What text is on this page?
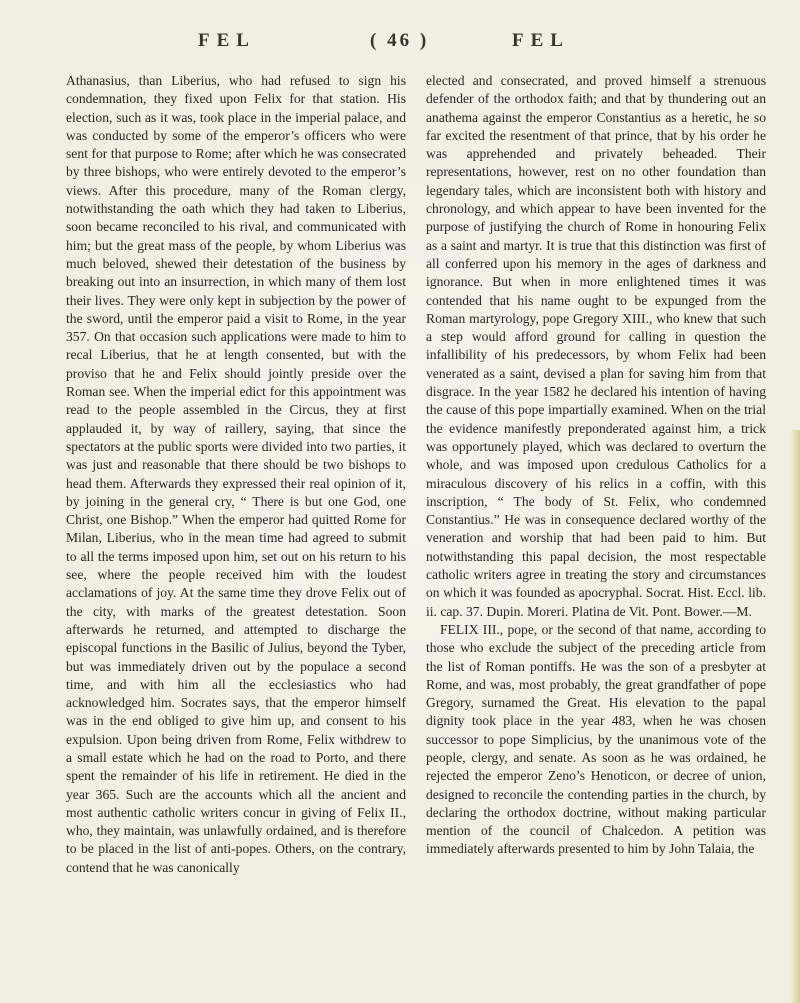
FEL	( 46 )	FEL

Athanasius, than Liberius, who had refused to sign his condemnation, they fixed upon Felix for that station. His election, such as it was, took place in the imperial palace, and was conducted by some of the emperor’s officers who were sent for that purpose to Rome; after which he was consecrated by three bishops, who were entirely devoted to the emperor’s views. After this procedure, many of the Roman clergy, notwithstanding the oath which they had taken to Liberius, soon became reconciled to his rival, and communicated with him; but the great mass of the people, by whom Liberius was much beloved, shewed their detestation of the business by breaking out into an insurrection, in which many of them lost their lives. They were only kept in subjection by the power of the sword, until the emperor paid a visit to Rome, in the year 357. On that occasion such applications were made to him to recal Liberius, that he at length consented, but with the proviso that he and Felix should jointly preside over the Roman see. When the imperial edict for this appointment was read to the people assembled in the Circus, they at first applauded it, by way of raillery, saying, that since the spectators at the public sports were divided into two parties, it was just and reasonable that there should be two bishops to head them. Afterwards they expressed their real opinion of it, by joining in the general cry, “ There is but one God, one Christ, one Bishop.” When the emperor had quitted Rome for Milan, Liberius, who in the mean time had agreed to submit to all the terms imposed upon him, set out on his return to his see, where the people received him with the loudest acclamations of joy. At the same time they drove Felix out of the city, with marks of the greatest detestation. Soon afterwards he returned, and attempted to discharge the episcopal functions in the Basilic of Julius, beyond the Tyber, but was immediately driven out by the populace a second time, and with him all the ecclesiastics who had acknowledged him. Socrates says, that the emperor himself was in the end obliged to give him up, and consent to his expulsion. Upon being driven from Rome, Felix withdrew to a small estate which he had on the road to Porto, and there spent the remainder of his life in retirement. He died in the year 365. Such are the accounts which all the ancient and most authentic catholic writers concur in giving of Felix II., who, they maintain, was unlawfully ordained, and is therefore to be placed in the list of anti-popes. Others, on the contrary, contend that he was canonically

elected and consecrated, and proved himself a strenuous defender of the orthodox faith; and that by thundering out an anathema against the emperor Constantius as a heretic, he so far excited the resentment of that prince, that by his order he was apprehended and privately beheaded. Their representations, however, rest on no other foundation than legendary tales, which are inconsistent both with history and chronology, and which appear to have been invented for the purpose of justifying the church of Rome in honouring Felix as a saint and martyr. It is true that this distinction was first of all conferred upon his memory in the ages of darkness and ignorance. But when in more enlightened times it was contended that his name ought to be expunged from the Roman martyrology, pope Gregory XIII., who knew that such a step would afford ground for calling in question the infallibility of his predecessors, by whom Felix had been venerated as a saint, devised a plan for saving him from that disgrace. In the year 1582 he declared his intention of having the cause of this pope impartially examined. When on the trial the evidence manifestly preponderated against him, a trick was opportunely played, which was declared to overturn the whole, and was imposed upon credulous Catholics for a miraculous discovery of his relics in a coffin, with this inscription, “ The body of St. Felix, who condemned Constantius.” He was in consequence declared worthy of the veneration and worship that had been paid to him. But notwithstanding this papal decision, the most respectable catholic writers agree in treating the story and circumstances on which it was founded as apocryphal. Socrat. Hist. Eccl. lib. ii. cap. 37. Dupin. Moreri. Platina de Vit. Pont. Bower.—M.

FELIX III., pope, or the second of that name, according to those who exclude the subject of the preceding article from the list of Roman pontiffs. He was the son of a presbyter at Rome, and was, most probably, the great grandfather of pope Gregory, surnamed the Great. His elevation to the papal dignity took place in the year 483, when he was chosen successor to pope Simplicius, by the unanimous vote of the people, clergy, and senate. As soon as he was ordained, he rejected the emperor Zeno’s Henoticon, or decree of union, designed to reconcile the contending parties in the church, by declaring the orthodox doctrine, without making particular mention of the council of Chalcedon. A petition was immediately afterwards presented to him by John Talaia, the
